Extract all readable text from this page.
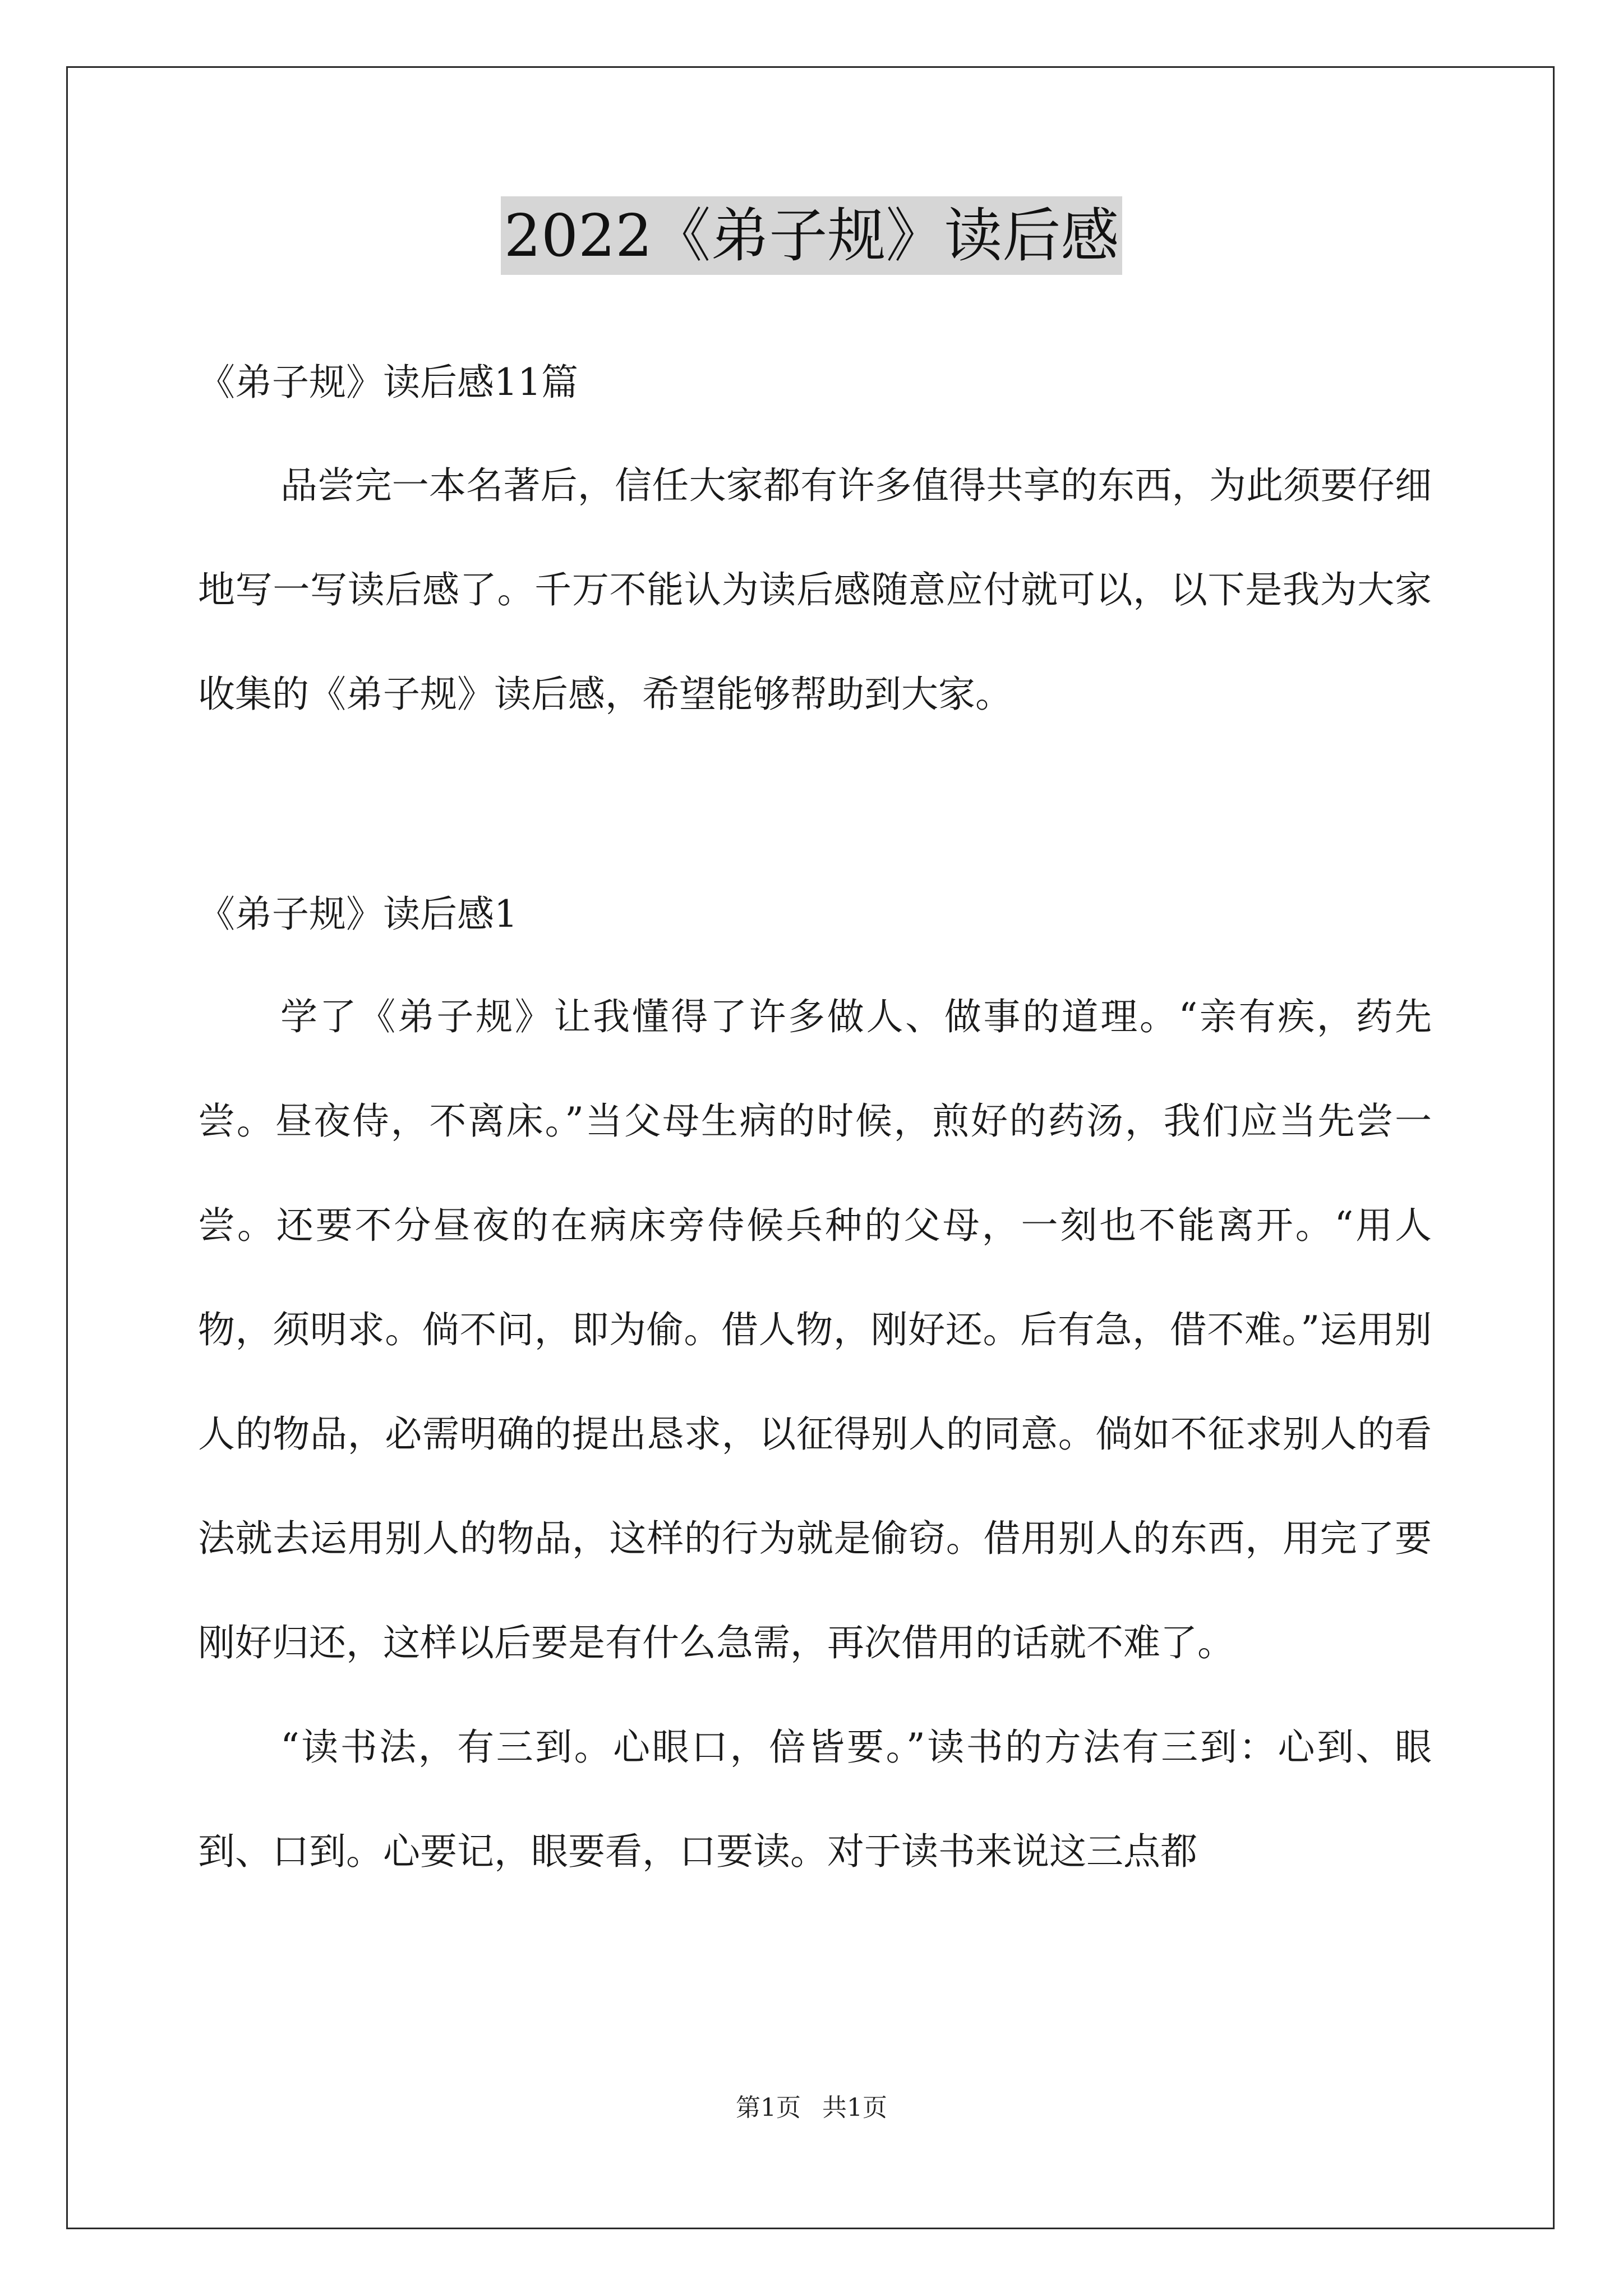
2022《弟子规》读后感

《弟子规》读后感11篇

品尝完一本名著后，信任大家都有许多值得共享的东西，为此须要仔细地写一写读后感了。千万不能认为读后感随意应付就可以，以下是我为大家收集的《弟子规》读后感，希望能够帮助到大家。

《弟子规》读后感1

学了《弟子规》让我懂得了许多做人、做事的道理。“亲有疾，药先尝。昼夜侍，不离床。”当父母生病的时候，煎好的药汤，我们应当先尝一尝。还要不分昼夜的在病床旁侍候兵种的父母，一刻也不能离开。“用人物，须明求。倘不问，即为偷。借人物，刚好还。后有急，借不难。”运用别人的物品，必需明确的提出恳求，以征得别人的同意。倘如不征求别人的看法就去运用别人的物品，这样的行为就是偷窃。借用别人的东西，用完了要刚好归还，这样以后要是有什么急需，再次借用的话就不难了。

“读书法，有三到。心眼口，倍皆要。”读书的方法有三到：心到、眼到、口到。心要记，眼要看，口要读。对于读书来说这三点都

第1页 共1页
